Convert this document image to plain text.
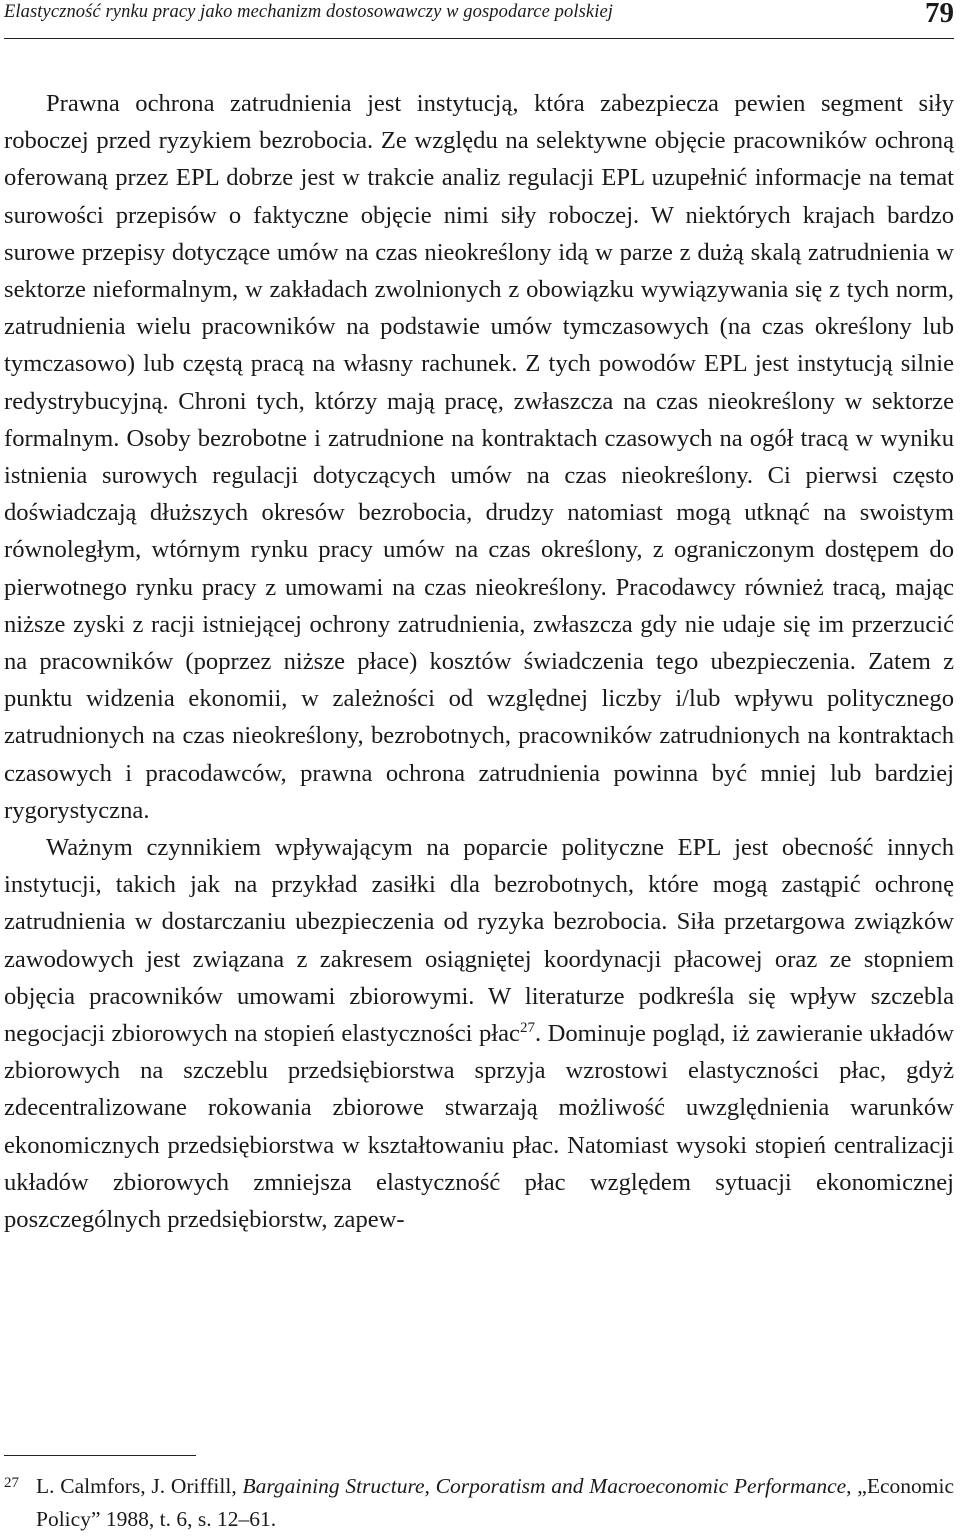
Elastyczność rynku pracy jako mechanizm dostosowawczy w gospodarce polskiej	79

Prawna ochrona zatrudnienia jest instytucją, która zabezpiecza pewien segment siły roboczej przed ryzykiem bezrobocia. Ze względu na selektywne objęcie pracowników ochroną oferowaną przez EPL dobrze jest w trakcie analiz regulacji EPL uzupełnić informacje na temat surowości przepisów o faktyczne objęcie nimi siły roboczej. W niektórych krajach bardzo surowe przepisy dotyczące umów na czas nieokreślony idą w parze z dużą skalą zatrudnienia w sektorze nieformalnym, w zakładach zwolnionych z obowiązku wywiązywania się z tych norm, zatrudnienia wielu pracowników na podstawie umów tymczasowych (na czas określony lub tymczasowo) lub częstą pracą na własny rachunek. Z tych powodów EPL jest instytucją silnie redystrybucyjną. Chroni tych, którzy mają pracę, zwłaszcza na czas nieokreślony w sektorze formalnym. Osoby bezrobotne i zatrudnione na kontraktach czasowych na ogół tracą w wyniku istnienia surowych regulacji dotyczących umów na czas nieokreślony. Ci pierwsi często doświadczają dłuższych okresów bezrobocia, drudzy natomiast mogą utknąć na swoistym równoległym, wtórnym rynku pracy umów na czas określony, z ograniczonym dostępem do pierwotnego rynku pracy z umowami na czas nieokreślony. Pracodawcy również tracą, mając niższe zyski z racji istniejącej ochrony zatrudnienia, zwłaszcza gdy nie udaje się im przerzucić na pracowników (poprzez niższe płace) kosztów świadczenia tego ubezpieczenia. Zatem z punktu widzenia ekonomii, w zależności od względnej liczby i/lub wpływu politycznego zatrudnionych na czas nieokreślony, bezrobotnych, pracowników zatrudnionych na kontraktach czasowych i pracodawców, prawna ochrona zatrudnienia powinna być mniej lub bardziej rygorystyczna.

Ważnym czynnikiem wpływającym na poparcie polityczne EPL jest obecność innych instytucji, takich jak na przykład zasiłki dla bezrobotnych, które mogą zastąpić ochronę zatrudnienia w dostarczaniu ubezpieczenia od ryzyka bezrobocia. Siła przetargowa związków zawodowych jest związana z zakresem osiągniętej koordynacji płacowej oraz ze stopniem objęcia pracowników umowami zbiorowymi. W literaturze podkreśla się wpływ szczebla negocjacji zbiorowych na stopień elastyczności płac$^{27}$. Dominuje pogląd, iż zawieranie układów zbiorowych na szczeblu przedsiębiorstwa sprzyja wzrostowi elastyczności płac, gdyż zdecentralizowane rokowania zbiorowe stwarzają możliwość uwzględnienia warunków ekonomicznych przedsiębiorstwa w kształtowaniu płac. Natomiast wysoki stopień centralizacji układów zbiorowych zmniejsza elastyczność płac względem sytuacji ekonomicznej poszczególnych przedsiębiorstw, zapew-

27 L. Calmfors, J. Oriffill, Bargaining Structure, Corporatism and Macroeconomic Performance, „Economic Policy” 1988, t. 6, s. 12–61.
